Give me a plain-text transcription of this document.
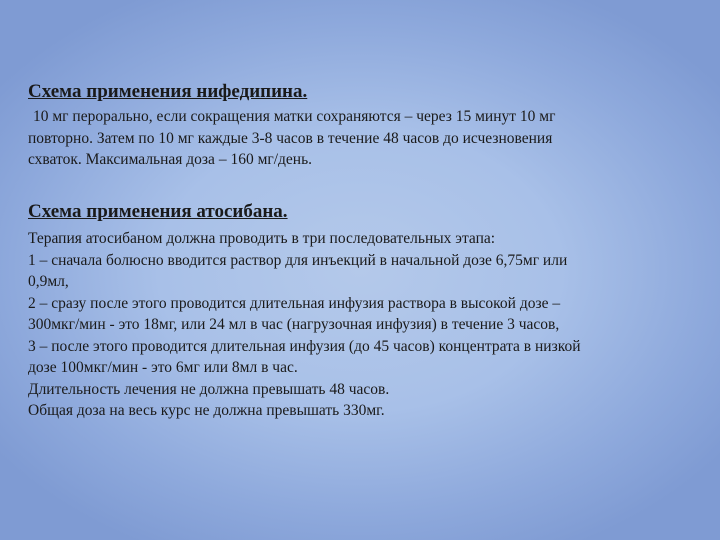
Схема применения нифедипина.

10 мг перорально, если сокращения матки сохраняются – через 15 минут 10 мг
повторно. Затем по 10 мг каждые 3-8 часов в течение 48 часов до исчезновения
схваток. Максимальная доза – 160 мг/день.

Схема применения атосибана.

Терапия атосибаном должна проводить в три последовательных этапа:
1 – сначала болюсно вводится раствор для инъекций в начальной дозе 6,75мг или
0,9мл,
2 – сразу после этого проводится длительная инфузия раствора в высокой дозе –
300мкг/мин - это 18мг, или 24 мл в час (нагрузочная инфузия) в течение 3 часов,
3 – после этого проводится длительная инфузия (до 45 часов) концентрата в низкой
дозе 100мкг/мин - это 6мг или 8мл в час.
Длительность лечения не должна превышать 48 часов.
Общая доза на весь курс не должна превышать 330мг.
